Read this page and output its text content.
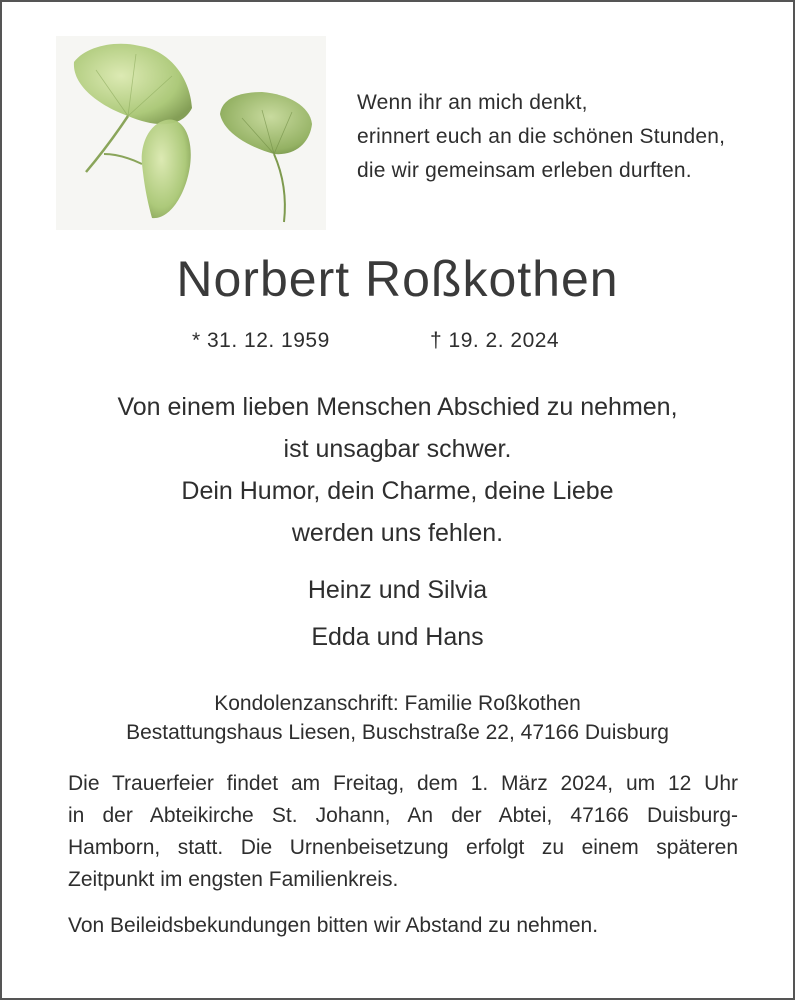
Wenn ihr an mich denkt,
erinnert euch an die schönen Stunden,
die wir gemeinsam erleben durften.
Norbert Roßkothen
* 31. 12. 1959	† 19. 2. 2024
Von einem lieben Menschen Abschied zu nehmen,
ist unsagbar schwer.
Dein Humor, dein Charme, deine Liebe
werden uns fehlen.
Heinz und Silvia
Edda und Hans
Kondolenzanschrift: Familie Roßkothen
Bestattungshaus Liesen, Buschstraße 22, 47166 Duisburg
Die Trauerfeier findet am Freitag, dem 1. März 2024, um 12 Uhr
in der Abteikirche St. Johann, An der Abtei, 47166 Duisburg-
Hamborn, statt. Die Urnenbeisetzung erfolgt zu einem späteren
Zeitpunkt im engsten Familienkreis.
Von Beileidsbekundungen bitten wir Abstand zu nehmen.
